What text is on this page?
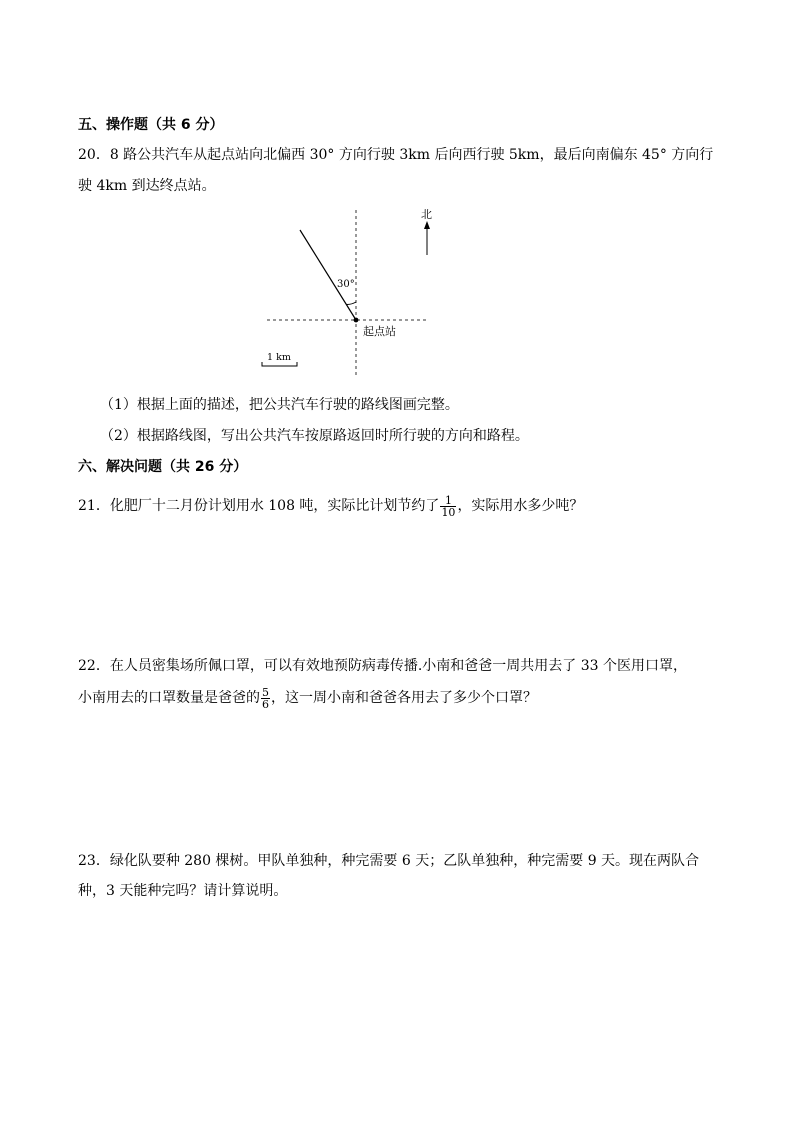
五、操作题（共 6 分）
20．8 路公共汽车从起点站向北偏西 30° 方向行驶 3km 后向西行驶 5km，最后向南偏东 45° 方向行
驶 4km 到达终点站。
30°
起点站
北
1 km
（1）根据上面的描述，把公共汽车行驶的路线图画完整。
（2）根据路线图，写出公共汽车按原路返回时所行驶的方向和路程。
六、解决问题（共 26 分）
21．化肥厂十二月份计划用水 108 吨，实际比计划节约了 $\frac{1}{10}$ ，实际用水多少吨？
22．在人员密集场所佩口罩，可以有效地预防病毒传播.小南和爸爸一周共用去了 33 个医用口罩，
小南用去的口罩数量是爸爸的 $\frac{5}{6}$ ，这一周小南和爸爸各用去了多少个口罩？
23．绿化队要种 280 棵树。甲队单独种，种完需要 6 天；乙队单独种，种完需要 9 天。现在两队合
种，3 天能种完吗？请计算说明。
